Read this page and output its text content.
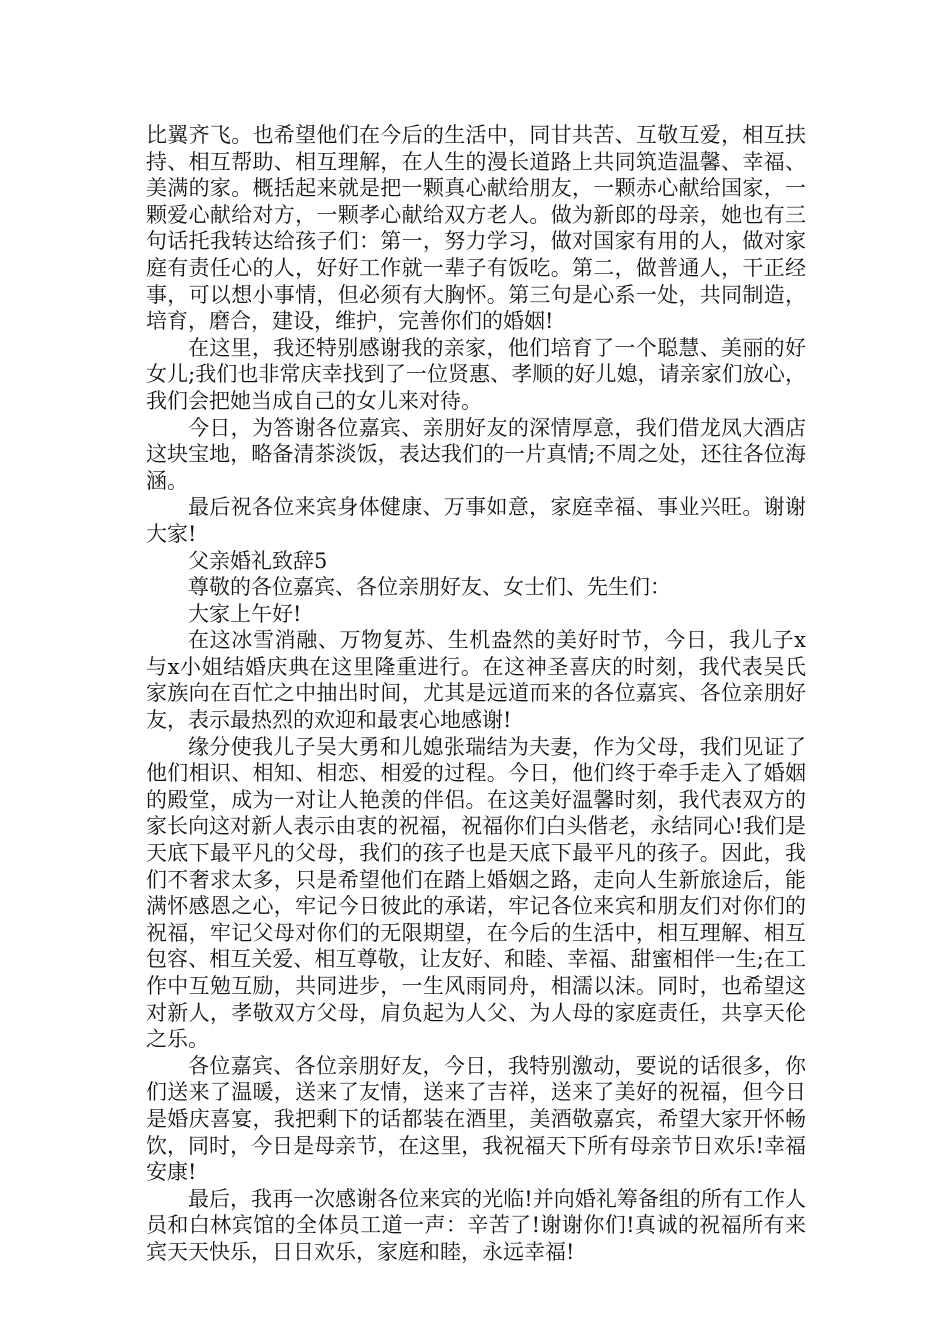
比翼齐飞。也希望他们在今后的生活中，同甘共苦、互敬互爱，相互扶持、相互帮助、相互理解，在人生的漫长道路上共同筑造温馨、幸福、美满的家。概括起来就是把一颗真心献给朋友，一颗赤心献给国家，一颗爱心献给对方，一颗孝心献给双方老人。做为新郎的母亲，她也有三句话托我转达给孩子们：第一，努力学习，做对国家有用的人，做对家庭有责任心的人，好好工作就一辈子有饭吃。第二，做普通人，干正经事，可以想小事情，但必须有大胸怀。第三句是心系一处，共同制造，培育，磨合，建设，维护，完善你们的婚姻!

在这里，我还特别感谢我的亲家，他们培育了一个聪慧、美丽的好女儿;我们也非常庆幸找到了一位贤惠、孝顺的好儿媳，请亲家们放心，我们会把她当成自己的女儿来对待。

今日，为答谢各位嘉宾、亲朋好友的深情厚意，我们借龙凤大酒店这块宝地，略备清茶淡饭，表达我们的一片真情;不周之处，还往各位海涵。

最后祝各位来宾身体健康、万事如意，家庭幸福、事业兴旺。谢谢大家!

父亲婚礼致辞5

尊敬的各位嘉宾、各位亲朋好友、女士们、先生们：

大家上午好!

在这冰雪消融、万物复苏、生机盎然的美好时节，今日，我儿子x与x小姐结婚庆典在这里隆重进行。在这神圣喜庆的时刻，我代表吴氏家族向在百忙之中抽出时间，尤其是远道而来的各位嘉宾、各位亲朋好友，表示最热烈的欢迎和最衷心地感谢!

缘分使我儿子吴大勇和儿媳张瑞结为夫妻，作为父母，我们见证了他们相识、相知、相恋、相爱的过程。今日，他们终于牵手走入了婚姻的殿堂，成为一对让人艳羡的伴侣。在这美好温馨时刻，我代表双方的家长向这对新人表示由衷的祝福，祝福你们白头偕老，永结同心!我们是天底下最平凡的父母，我们的孩子也是天底下最平凡的孩子。因此，我们不奢求太多，只是希望他们在踏上婚姻之路，走向人生新旅途后，能满怀感恩之心，牢记今日彼此的承诺，牢记各位来宾和朋友们对你们的祝福，牢记父母对你们的无限期望，在今后的生活中，相互理解、相互包容、相互关爱、相互尊敬，让友好、和睦、幸福、甜蜜相伴一生;在工作中互勉互励，共同进步，一生风雨同舟，相濡以沫。同时，也希望这对新人，孝敬双方父母，肩负起为人父、为人母的家庭责任，共享天伦之乐。

各位嘉宾、各位亲朋好友，今日，我特别激动，要说的话很多，你们送来了温暖，送来了友情，送来了吉祥，送来了美好的祝福，但今日是婚庆喜宴，我把剩下的话都装在酒里，美酒敬嘉宾，希望大家开怀畅饮，同时，今日是母亲节，在这里，我祝福天下所有母亲节日欢乐!幸福安康!

最后，我再一次感谢各位来宾的光临!并向婚礼筹备组的所有工作人员和白林宾馆的全体员工道一声：辛苦了!谢谢你们!真诚的祝福所有来宾天天快乐，日日欢乐，家庭和睦，永远幸福!
